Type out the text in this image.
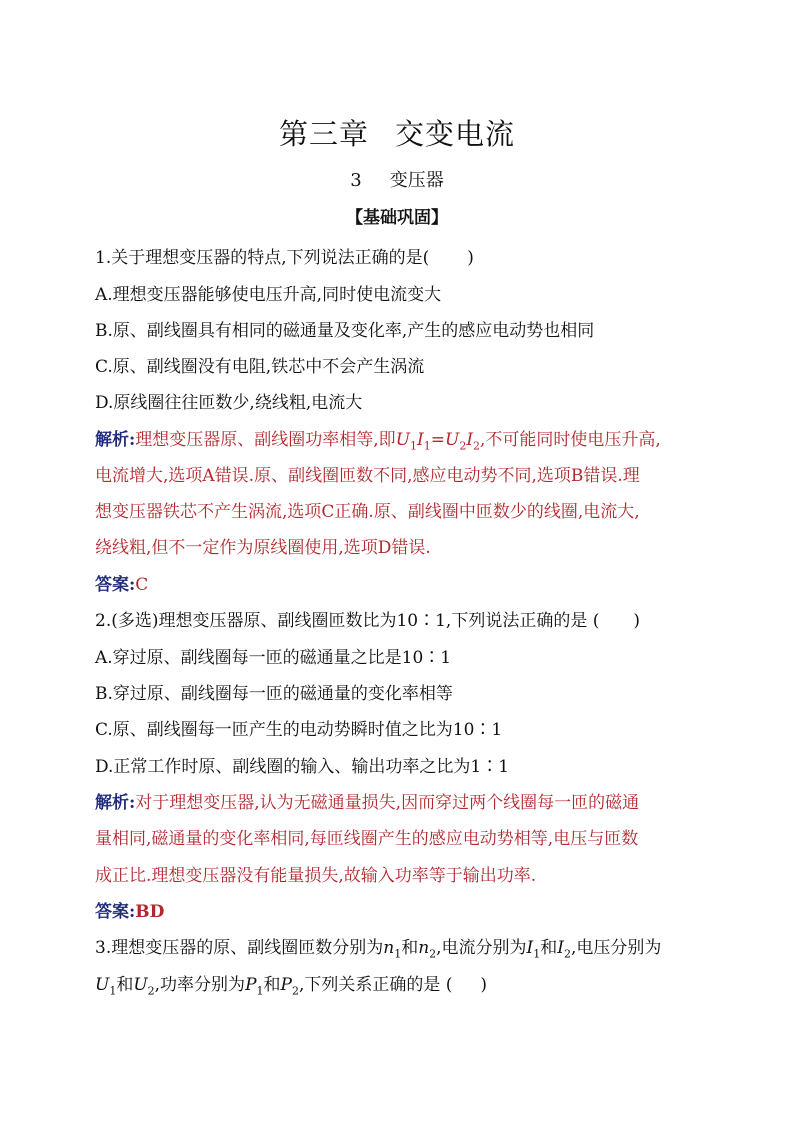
第三章 交变电流
3 变压器
【基础巩固】
1.关于理想变压器的特点,下列说法正确的是( )
A.理想变压器能够使电压升高,同时使电流变大
B.原、副线圈具有相同的磁通量及变化率,产生的感应电动势也相同
C.原、副线圈没有电阻,铁芯中不会产生涡流
D.原线圈往往匝数少,绕线粗,电流大
解析:理想变压器原、副线圈功率相等,即$U_1I_1=U_2I_2$,不可能同时使电压升高,
电流增大,选项A错误.原、副线圈匝数不同,感应电动势不同,选项B错误.理
想变压器铁芯不产生涡流,选项C正确.原、副线圈中匝数少的线圈,电流大,
绕线粗,但不一定作为原线圈使用,选项D错误.
答案:C
2.(多选)理想变压器原、副线圈匝数比为10∶1,下列说法正确的是 ( )
A.穿过原、副线圈每一匝的磁通量之比是10∶1
B.穿过原、副线圈每一匝的磁通量的变化率相等
C.原、副线圈每一匝产生的电动势瞬时值之比为10∶1
D.正常工作时原、副线圈的输入、输出功率之比为1∶1
解析:对于理想变压器,认为无磁通量损失,因而穿过两个线圈每一匝的磁通
量相同,磁通量的变化率相同,每匝线圈产生的感应电动势相等,电压与匝数
成正比.理想变压器没有能量损失,故输入功率等于输出功率.
答案:BD
3.理想变压器的原、副线圈匝数分别为$n_1$和$n_2$,电流分别为$I_1$和$I_2$,电压分别为
$U_1$和$U_2$,功率分别为$P_1$和$P_2$,下列关系正确的是 ( )
